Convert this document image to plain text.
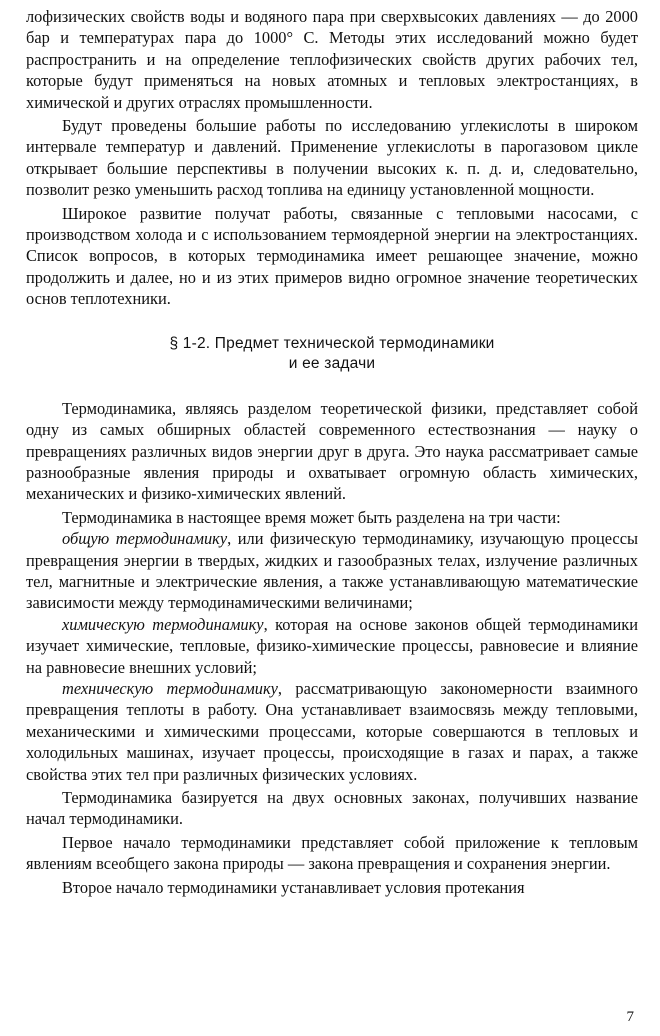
лофизических свойств воды и водяного пара при сверхвысоких давлениях — до 2000 бар и температурах пара до 1000° С. Методы этих исследований можно будет распространить и на определение теплофизических свойств других рабочих тел, которые будут применяться на новых атомных и тепловых электростанциях, в химической и других отраслях промышленности.

Будут проведены большие работы по исследованию углекислоты в широком интервале температур и давлений. Применение углекислоты в парогазовом цикле открывает большие перспективы в получении высоких к. п. д. и, следовательно, позволит резко уменьшить расход топлива на единицу установленной мощности.

Широкое развитие получат работы, связанные с тепловыми насосами, с производством холода и с использованием термоядерной энергии на электростанциях. Список вопросов, в которых термодинамика имеет решающее значение, можно продолжить и далее, но и из этих примеров видно огромное значение теоретических основ теплотехники.

§ 1-2. Предмет технической термодинамики
и ее задачи

Термодинамика, являясь разделом теоретической физики, представляет собой одну из самых обширных областей современного естествознания — науку о превращениях различных видов энергии друг в друга. Это наука рассматривает самые разнообразные явления природы и охватывает огромную область химических, механических и физико-химических явлений.

Термодинамика в настоящее время может быть разделена на три части:

общую термодинамику, или физическую термодинамику, изучающую процессы превращения энергии в твердых, жидких и газообразных телах, излучение различных тел, магнитные и электрические явления, а также устанавливающую математические зависимости между термодинамическими величинами;

химическую термодинамику, которая на основе законов общей термодинамики изучает химические, тепловые, физико-химические процессы, равновесие и влияние на равновесие внешних условий;

техническую термодинамику, рассматривающую закономерности взаимного превращения теплоты в работу. Она устанавливает взаимосвязь между тепловыми, механическими и химическими процессами, которые совершаются в тепловых и холодильных машинах, изучает процессы, происходящие в газах и парах, а также свойства этих тел при различных физических условиях.

Термодинамика базируется на двух основных законах, получивших название начал термодинамики.

Первое начало термодинамики представляет собой приложение к тепловым явлениям всеобщего закона природы — закона превращения и сохранения энергии.

Второе начало термодинамики устанавливает условия протекания

7
